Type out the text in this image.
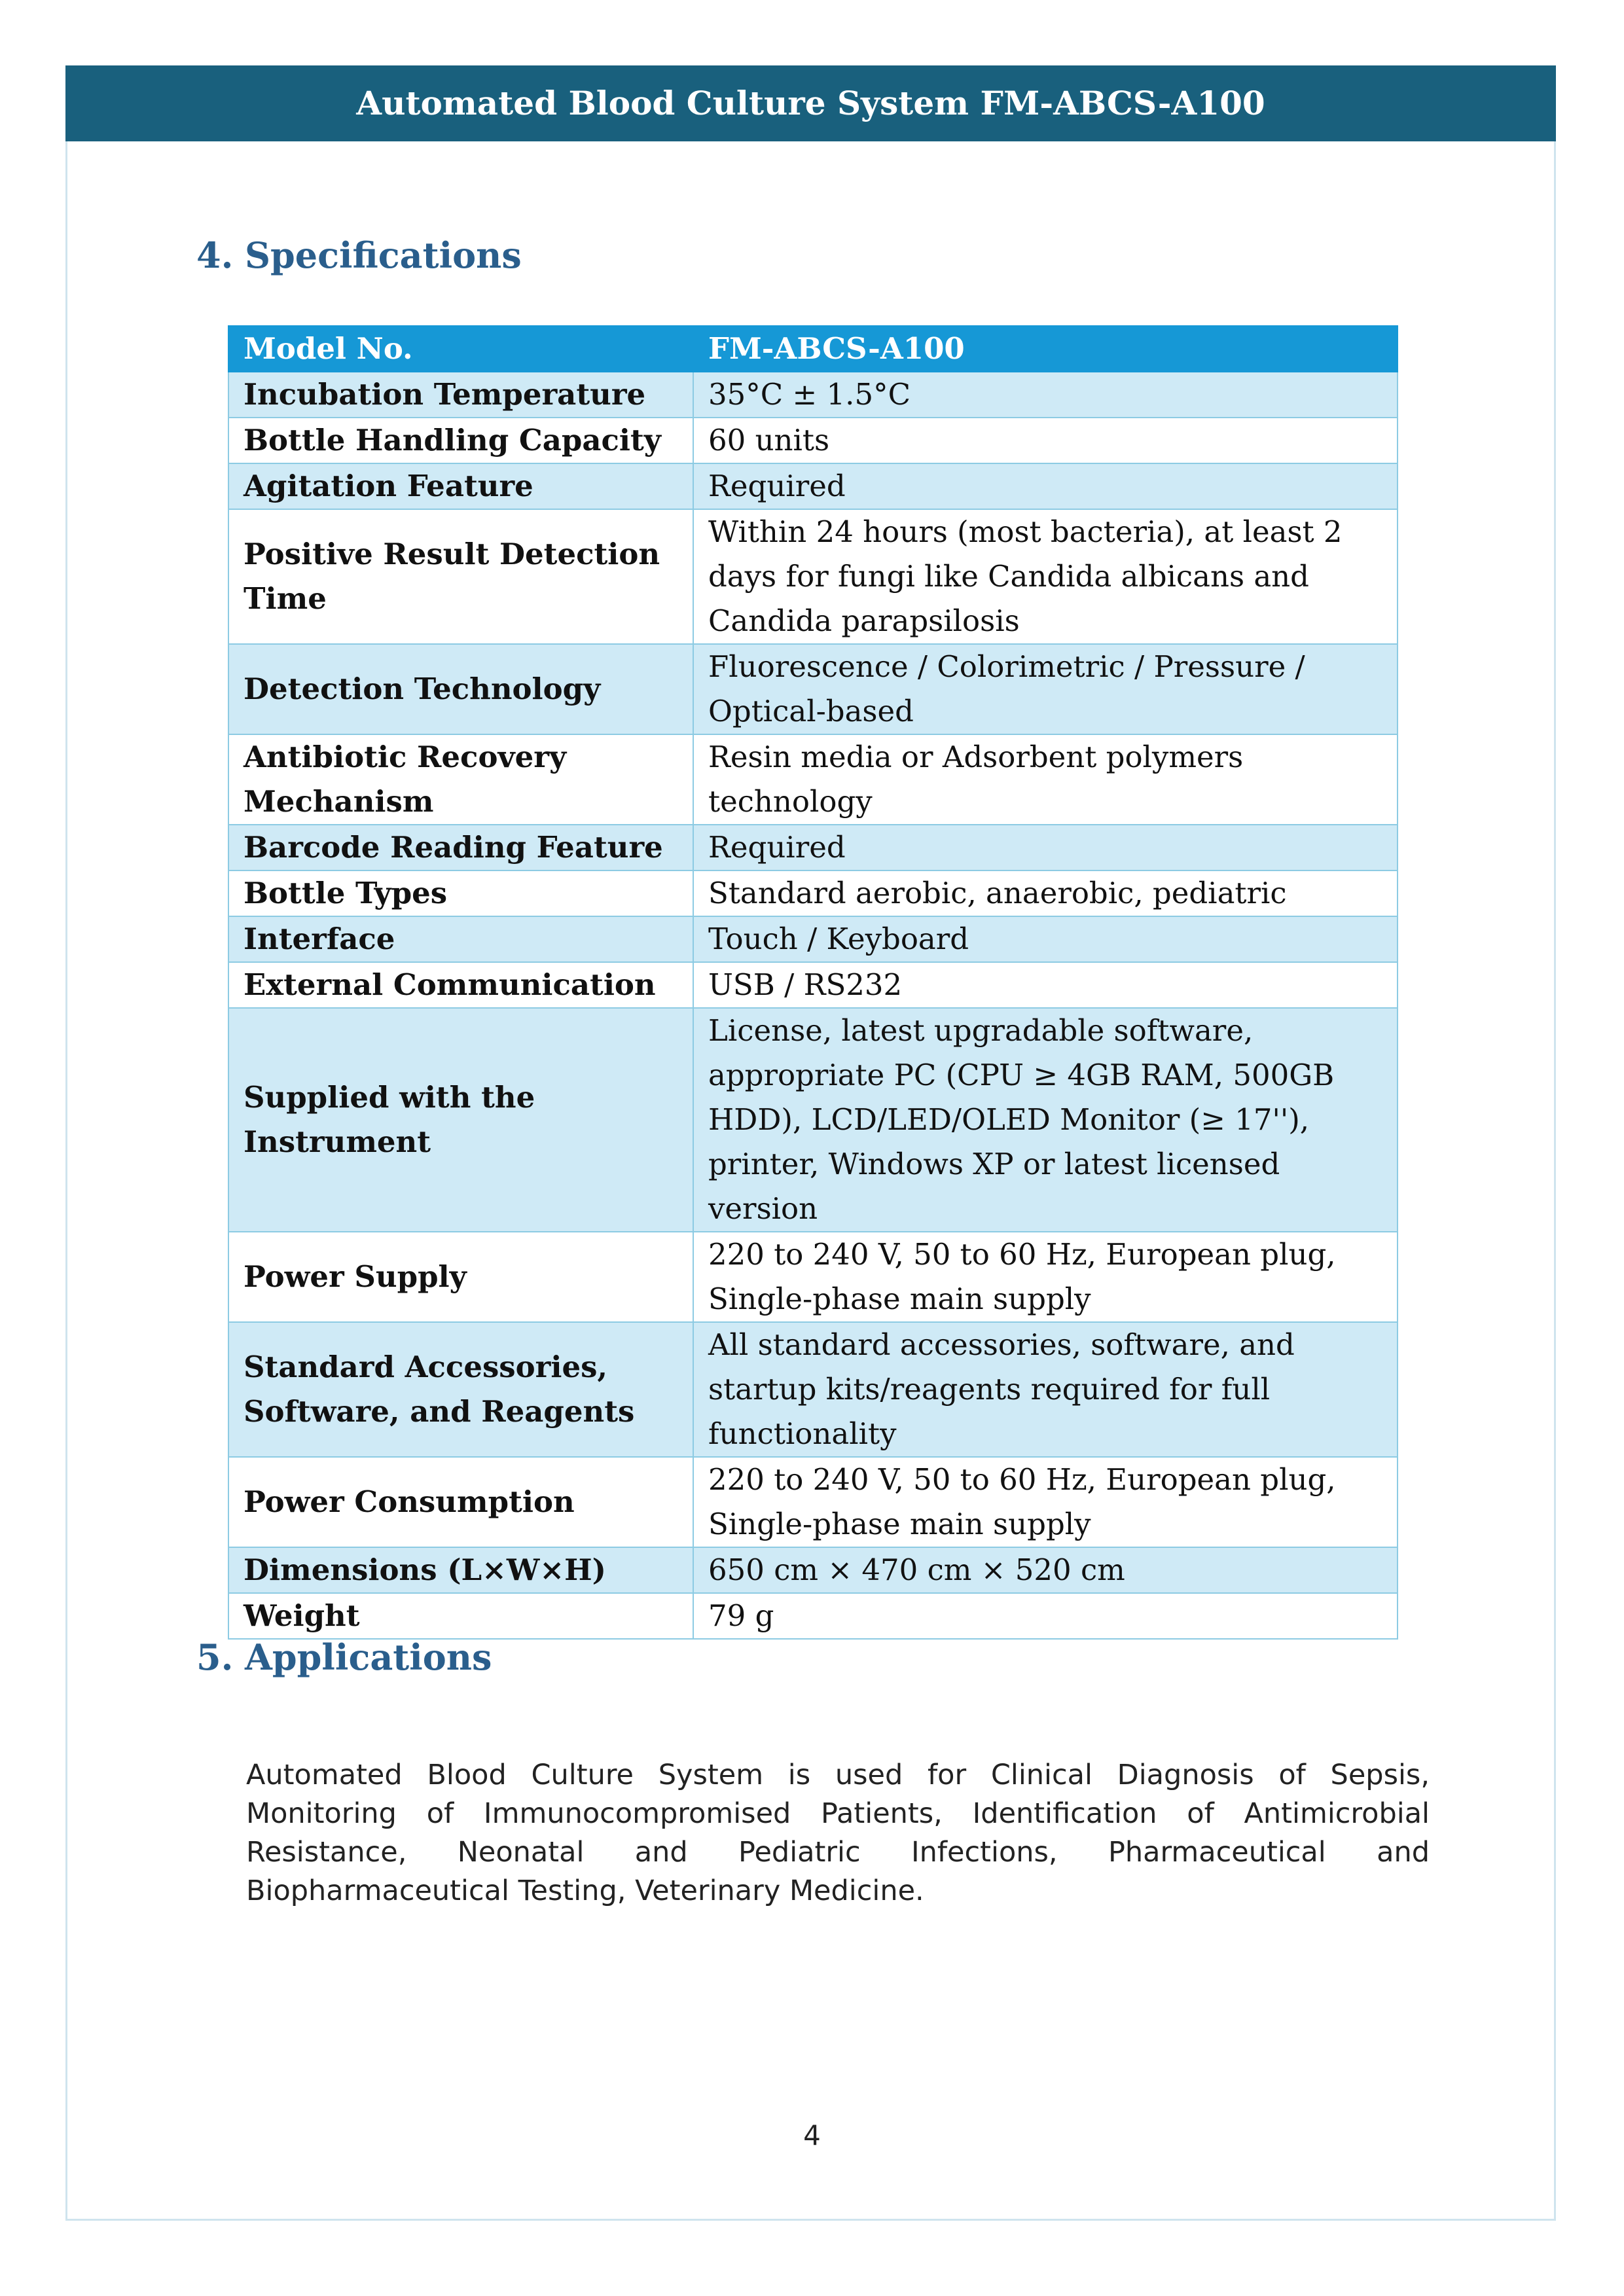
Automated Blood Culture System FM-ABCS-A100
4. Specifications
Model No.	FM-ABCS-A100
Incubation Temperature	35°C ± 1.5°C
Bottle Handling Capacity	60 units
Agitation Feature	Required
Positive Result Detection Time	Within 24 hours (most bacteria), at least 2 days for fungi like Candida albicans and Candida parapsilosis
Detection Technology	Fluorescence / Colorimetric / Pressure / Optical-based
Antibiotic Recovery Mechanism	Resin media or Adsorbent polymers technology
Barcode Reading Feature	Required
Bottle Types	Standard aerobic, anaerobic, pediatric
Interface	Touch / Keyboard
External Communication	USB / RS232
Supplied with the Instrument	License, latest upgradable software, appropriate PC (CPU ≥ 4GB RAM, 500GB HDD), LCD/LED/OLED Monitor (≥ 17''), printer, Windows XP or latest licensed version
Power Supply	220 to 240 V, 50 to 60 Hz, European plug, Single-phase main supply
Standard Accessories, Software, and Reagents	All standard accessories, software, and startup kits/reagents required for full functionality
Power Consumption	220 to 240 V, 50 to 60 Hz, European plug, Single-phase main supply
Dimensions (L×W×H)	650 cm × 470 cm × 520 cm
Weight	79 g
5. Applications

Automated Blood Culture System is used for Clinical Diagnosis of Sepsis, Monitoring of Immunocompromised Patients, Identification of Antimicrobial Resistance, Neonatal and Pediatric Infections, Pharmaceutical and Biopharmaceutical Testing, Veterinary Medicine.

4
